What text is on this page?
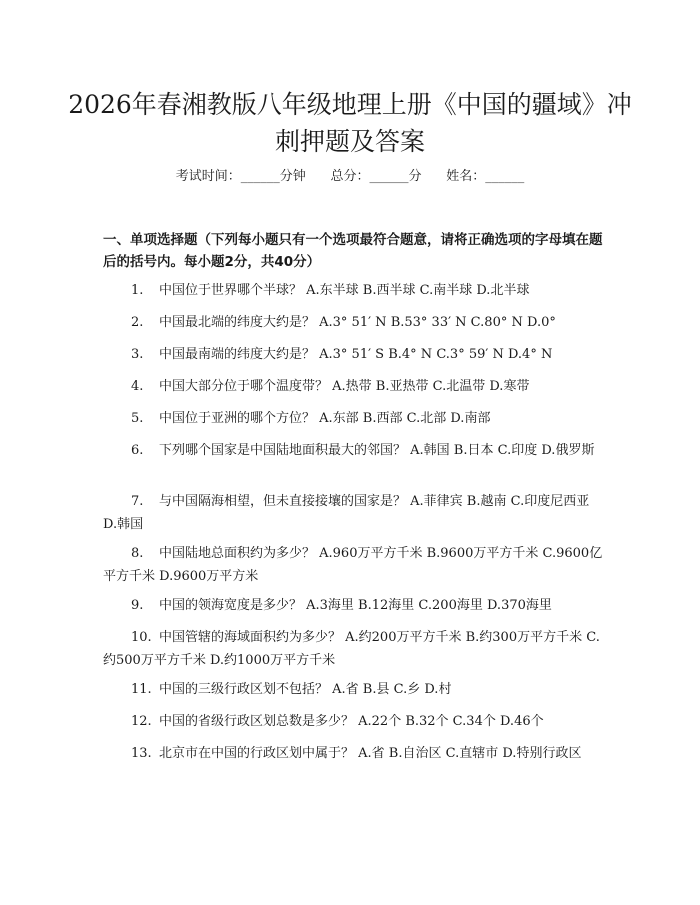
2026年春湘教版八年级地理上册《中国的疆域》冲刺押题及答案
考试时间：______分钟      总分：______分      姓名：______
一、单项选择题（下列每小题只有一个选项最符合题意，请将正确选项的字母填在题后的括号内。每小题2分，共40分）

1. 中国位于世界哪个半球？ A.东半球 B.西半球 C.南半球 D.北半球

2. 中国最北端的纬度大约是？ A.3° 51′ N B.53° 33′ N C.80° N D.0°

3. 中国最南端的纬度大约是？ A.3° 51′ S B.4° N C.3° 59′ N D.4° N

4. 中国大部分位于哪个温度带？ A.热带 B.亚热带 C.北温带 D.寒带

5. 中国位于亚洲的哪个方位？ A.东部 B.西部 C.北部 D.南部

6. 下列哪个国家是中国陆地面积最大的邻国？ A.韩国 B.日本 C.印度 D.俄罗斯

7. 与中国隔海相望，但未直接接壤的国家是？ A.菲律宾 B.越南 C.印度尼西亚 D.韩国

8. 中国陆地总面积约为多少？ A.960万平方千米 B.9600万平方千米 C.9600亿平方千米 D.9600万平方米

9. 中国的领海宽度是多少？ A.3海里 B.12海里 C.200海里 D.370海里

10. 中国管辖的海域面积约为多少？ A.约200万平方千米 B.约300万平方千米 C.约500万平方千米 D.约1000万平方千米

11. 中国的三级行政区划不包括？ A.省 B.县 C.乡 D.村

12. 中国的省级行政区划总数是多少？ A.22个 B.32个 C.34个 D.46个

13. 北京市在中国的行政区划中属于？ A.省 B.自治区 C.直辖市 D.特别行政区
